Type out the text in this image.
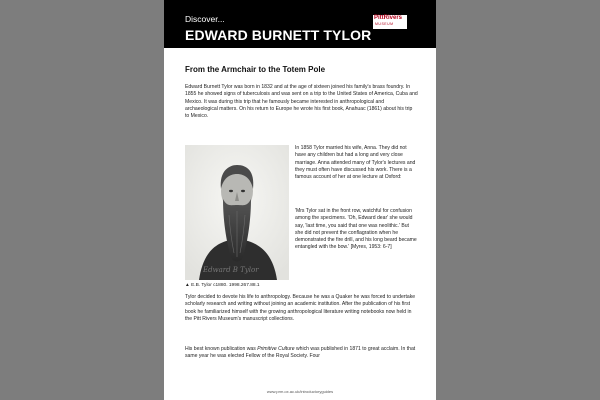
Discover...
EDWARD BURNETT TYLOR
PittRivers
MUSEUM
From the Armchair to the Totem Pole

Edward Burnett Tylor was born in 1832 and at the age of sixteen joined his family's brass foundry. In 1855 he showed signs of tuberculosis and was sent on a trip to the United States of America, Cuba and Mexico. It was during this trip that he famously became interested in anthropological and archaeological matters. On his return to Europe he wrote his first book, Anahuac (1861) about his trip to Mexico.

Edward B Tylor
▲ E.B. Tylor c1880. 1998.267.88.1

In 1858 Tylor married his wife, Anna. They did not have any children but had a long and very close marriage. Anna attended many of Tylor's lectures and they must often have discussed his work. There is a famous account of her at one lecture at Oxford:

'Mrs Tylor sat in the front row, watchful for confusion among the specimens. 'Oh, Edward dear' she would say, 'last time, you said that one was neolithic.' But she did not prevent the conflagration when he demonstrated the fire drill, and his long beard became entangled with the bow.' [Myres, 1953: 6-7]

Tylor decided to devote his life to anthropology. Because he was a Quaker he was forced to undertake scholarly research and writing without joining an academic institution. After the publication of his first book he familiarized himself with the growing anthropological literature writing notebooks now held in the Pitt Rivers Museum's manuscript collections.

His best known publication was Primitive Culture which was published in 1871 to great acclaim. In that same year he was elected Fellow of the Royal Society. Four

www.prm.ox.ac.uk/introductoryguides
